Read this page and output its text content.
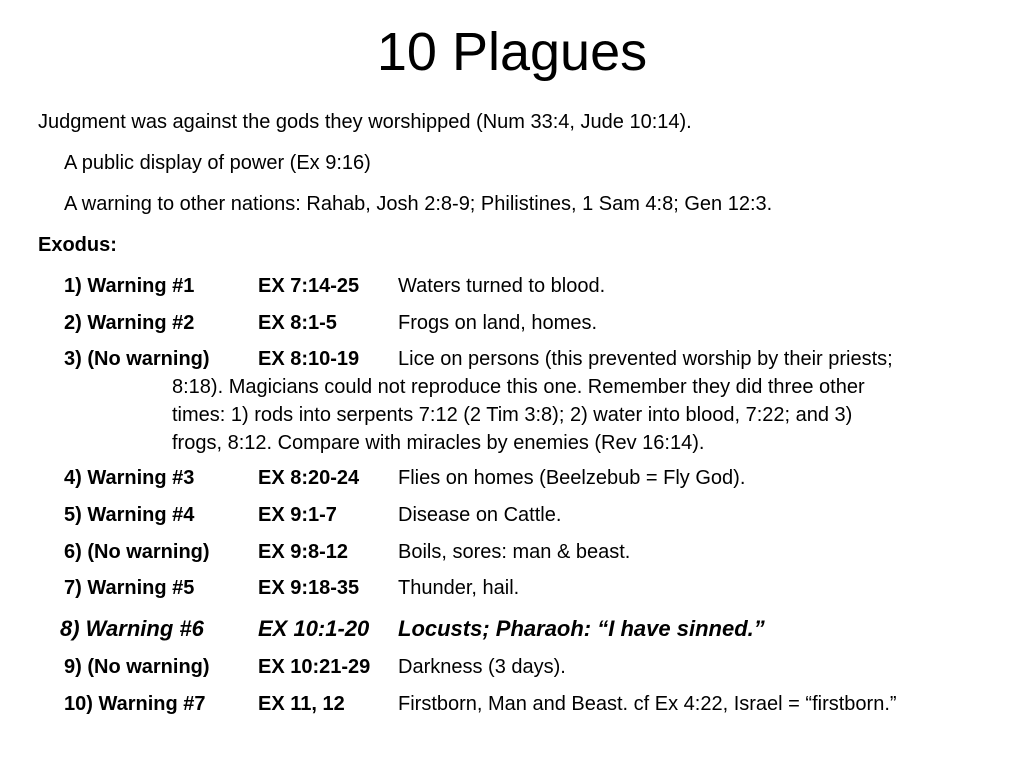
10 Plagues
Judgment was against the gods they worshipped (Num 33:4, Jude 10:14).
A public display of power (Ex 9:16)
A warning to other nations: Rahab, Josh 2:8-9; Philistines, 1 Sam 4:8; Gen 12:3.
Exodus:
1) Warning #1	EX 7:14-25 Waters turned to blood.
2) Warning #2	EX 8:1-5	Frogs on land, homes.
3) (No warning) EX 8:10-19 Lice on persons (this prevented worship by their priests;
8:18). Magicians could not reproduce this one. Remember they did three other
times: 1) rods into serpents 7:12 (2 Tim 3:8); 2) water into blood, 7:22; and 3)
frogs, 8:12. Compare with miracles by enemies (Rev 16:14).
4) Warning #3	EX 8:20-24 Flies on homes (Beelzebub = Fly God).
5) Warning #4	EX 9:1-7	Disease on Cattle.
6) (No warning) EX 9:8-12 Boils, sores: man & beast.
7) Warning #5	EX 9:18-35 Thunder, hail.
8) Warning #6 EX 10:1-20 Locusts; Pharaoh: “I have sinned.”
9) (No warning) EX 10:21-29 Darkness (3 days).
10) Warning #7	EX 11, 12	Firstborn, Man and Beast. cf Ex 4:22, Israel = “firstborn.”
